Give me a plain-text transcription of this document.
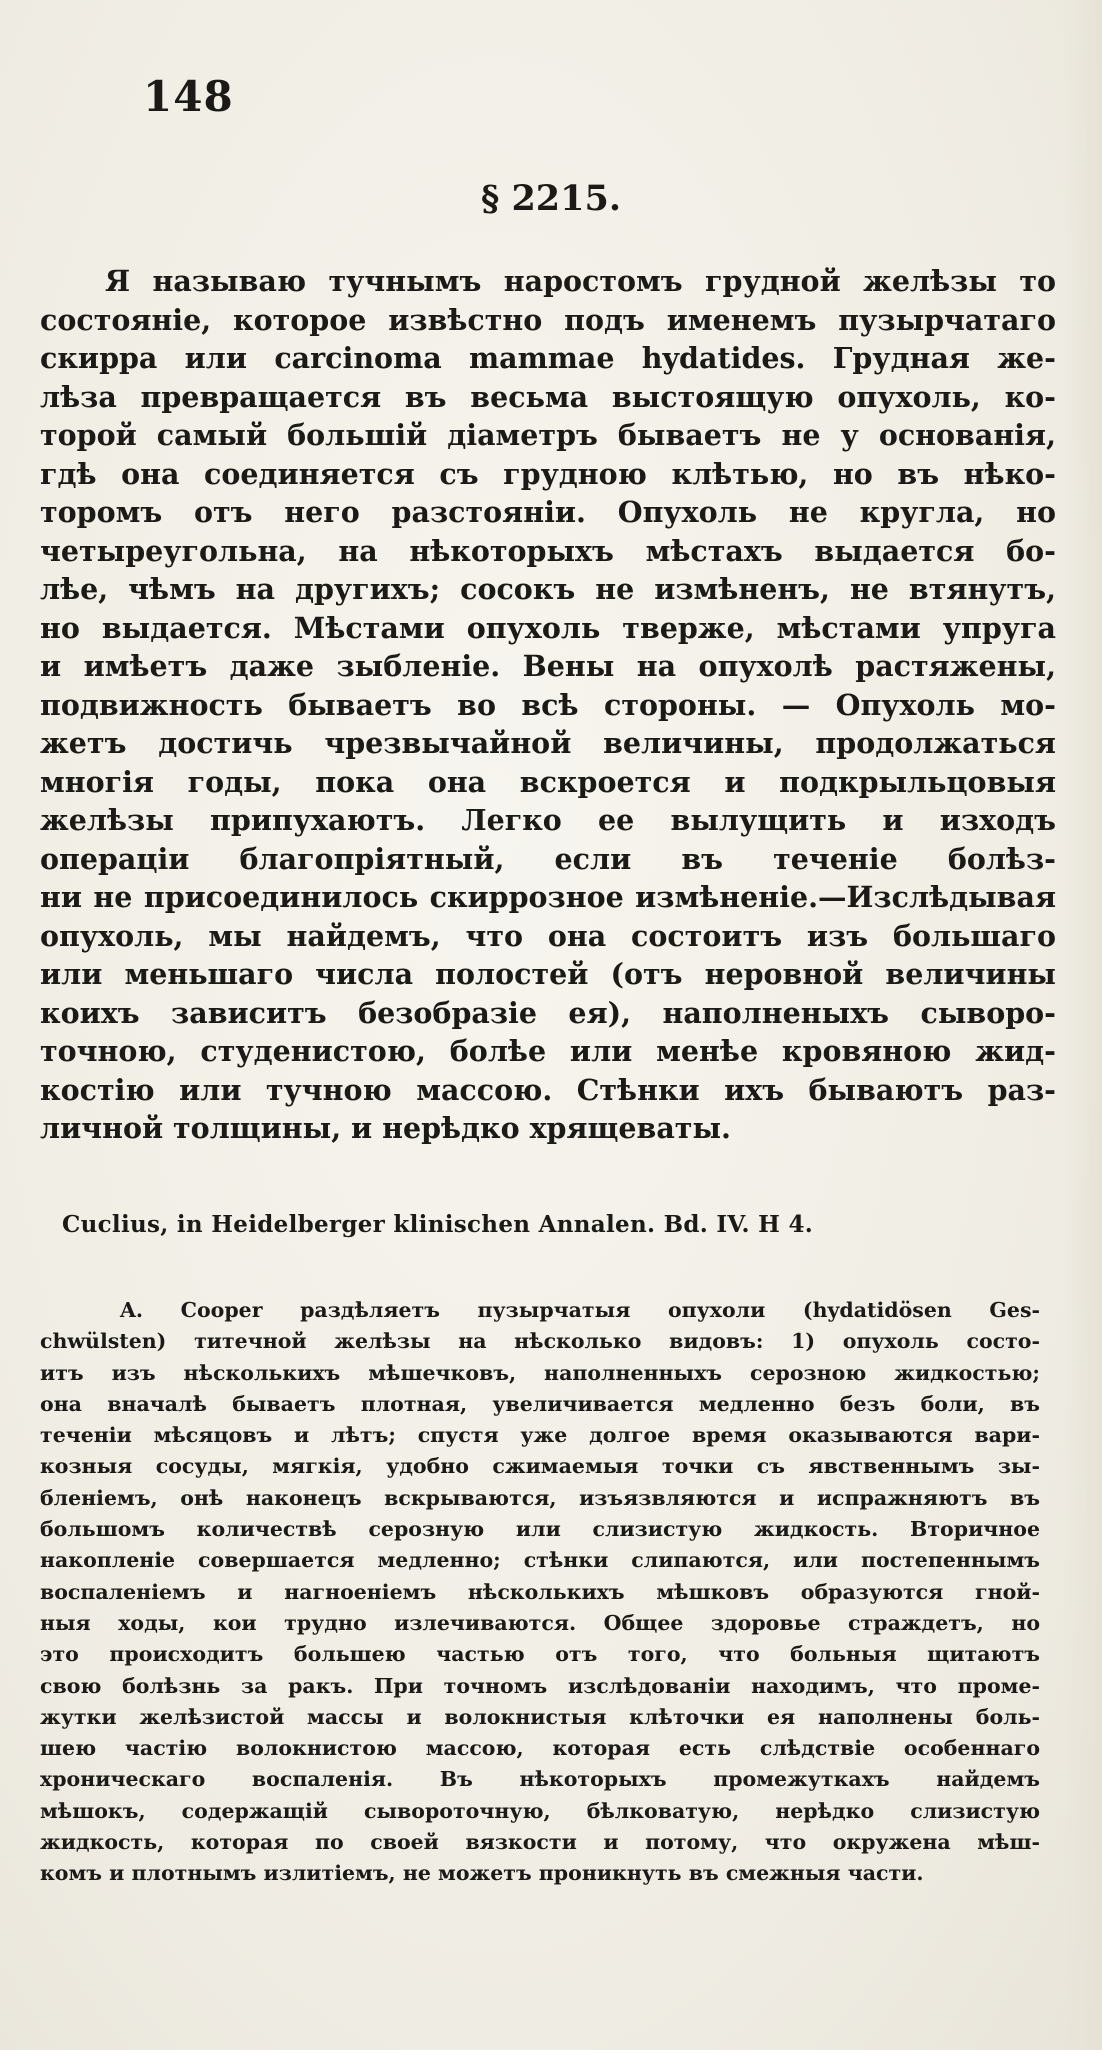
148
§ 2215.
Я называю тучнымъ наростомъ грудной желѣзы то
состояніе, которое извѣстно подъ именемъ пузырчатаго
скирра или carcinoma mammae hydatides. Грудная же-
лѣза превращается въ весьма выстоящую опухоль, ко-
торой самый большій діаметръ бываетъ не у основанія,
гдѣ она соединяется съ грудною клѣтью, но въ нѣко-
торомъ отъ него разстояніи. Опухоль не кругла, но
четыреугольна, на нѣкоторыхъ мѣстахъ выдается бо-
лѣе, чѣмъ на другихъ; сосокъ не измѣненъ, не втянутъ,
но выдается. Мѣстами опухоль тверже, мѣстами упруга
и имѣетъ даже зыбленіе. Вены на опухолѣ растяжены,
подвижность бываетъ во всѣ стороны. — Опухоль мо-
жетъ достичь чрезвычайной величины, продолжаться
многія годы, пока она вскроется и подкрыльцовыя
желѣзы припухаютъ. Легко ее вылущить и изходъ
операціи благопріятный, если въ теченіе болѣз-
ни не присоединилось скиррозное измѣненіе.—Изслѣдывая
опухоль, мы найдемъ, что она состоитъ изъ большаго
или меньшаго числа полостей (отъ неровной величины
коихъ зависитъ безобразіе ея), наполненыхъ сыворо-
точною, студенистою, болѣе или менѣе кровяною жид-
костію или тучною массою. Стѣнки ихъ бываютъ раз-
личной толщины, и нерѣдко хрящеваты.
Cuclius, in Heidelberger klinischen Annalen. Bd. IV. H 4.
A. Cooper раздѣляетъ пузырчатыя опухоли (hydatidösen Ges-
chwülsten) титечной желѣзы на нѣсколько видовъ: 1) опухоль состо-
итъ изъ нѣсколькихъ мѣшечковъ, наполненныхъ серозною жидкостью;
она вначалѣ бываетъ плотная, увеличивается медленно безъ боли, въ
теченіи мѣсяцовъ и лѣтъ; спустя уже долгое время оказываются вари-
козныя сосуды, мягкія, удобно сжимаемыя точки съ явственнымъ зы-
бленіемъ, онѣ наконецъ вскрываются, изъязвляются и испражняютъ въ
большомъ количествѣ серозную или слизистую жидкость. Вторичное
накопленіе совершается медленно; стѣнки слипаются, или постепеннымъ
воспаленіемъ и нагноеніемъ нѣсколькихъ мѣшковъ образуются гной-
ныя ходы, кои трудно излечиваются. Общее здоровье страждетъ, но
это происходитъ большею частью отъ того, что больныя щитаютъ
свою болѣзнь за ракъ. При точномъ изслѣдованіи находимъ, что проме-
жутки желѣзистой массы и волокнистыя клѣточки ея наполнены боль-
шею частію волокнистою массою, которая есть слѣдствіе особеннаго
хроническаго воспаленія. Въ нѣкоторыхъ промежуткахъ найдемъ
мѣшокъ, содержащій сывороточную, бѣлковатую, нерѣдко слизистую
жидкость, которая по своей вязкости и потому, что окружена мѣш-
комъ и плотнымъ излитіемъ, не можетъ проникнуть въ смежныя части.
